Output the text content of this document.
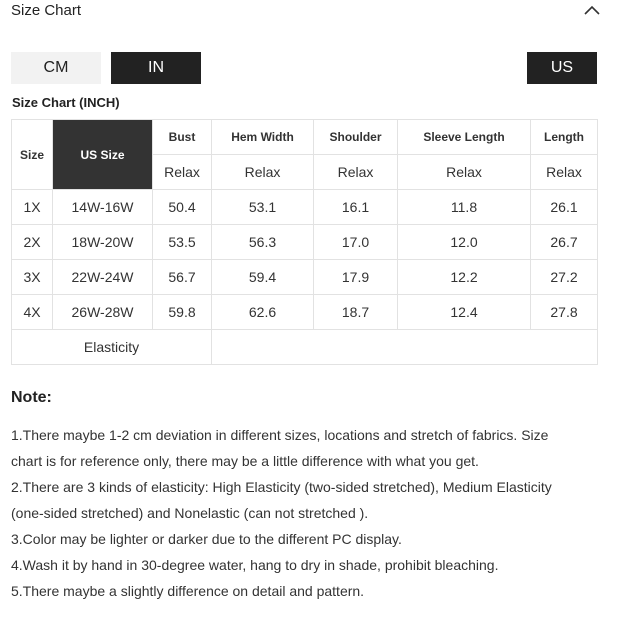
Size Chart
CM	IN	US
Size Chart (INCH)
Size	US Size	Bust	Hem Width	Shoulder	Sleeve Length	Length
		Relax	Relax	Relax	Relax	Relax
1X	14W-16W	50.4	53.1	16.1	11.8	26.1
2X	18W-20W	53.5	56.3	17.0	12.0	26.7
3X	22W-24W	56.7	59.4	17.9	12.2	27.2
4X	26W-28W	59.8	62.6	18.7	12.4	27.8
Elasticity						
Note:

1.There maybe 1-2 cm deviation in different sizes, locations and stretch of fabrics. Size chart is for reference only, there may be a little difference with what you get.

2.There are 3 kinds of elasticity: High Elasticity (two-sided stretched), Medium Elasticity (one-sided stretched) and Nonelastic (can not stretched ).

3.Color may be lighter or darker due to the different PC display.

4.Wash it by hand in 30-degree water, hang to dry in shade, prohibit bleaching.

5.There maybe a slightly difference on detail and pattern.
